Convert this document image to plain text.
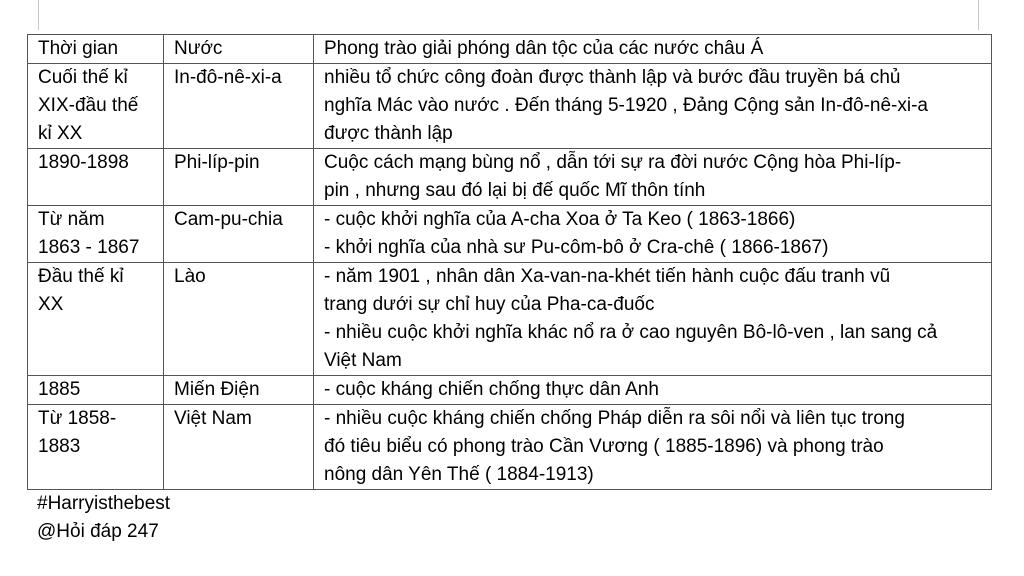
Thời gian	Nước	Phong trào giải phóng dân tộc của các nước châu Á

Cuối thế kỉ
XIX-đầu thế
kỉ XX	In-đô-nê-xi-a	nhiều tổ chức công đoàn được thành lập và bước đầu truyền bá chủ
nghĩa Mác vào nước . Đến tháng 5-1920 , Đảng Cộng sản In-đô-nê-xi-a
được thành lập

1890-1898	Phi-líp-pin	Cuộc cách mạng bùng nổ , dẫn tới sự ra đời nước Cộng hòa Phi-líp-
pin , nhưng sau đó lại bị đế quốc Mĩ thôn tính

Từ năm
1863 - 1867	Cam-pu-chia	- cuộc khởi nghĩa của A-cha Xoa ở Ta Keo ( 1863-1866)
- khởi nghĩa của nhà sư Pu-côm-bô ở Cra-chê ( 1866-1867)

Đầu thế kỉ
XX	Lào	- năm 1901 , nhân dân Xa-van-na-khét tiến hành cuộc đấu tranh vũ
trang dưới sự chỉ huy của Pha-ca-đuốc
- nhiều cuộc khởi nghĩa khác nổ ra ở cao nguyên Bô-lô-ven , lan sang cả
Việt Nam

1885	Miến Điện	- cuộc kháng chiến chống thực dân Anh

Từ 1858-
1883	Việt Nam	- nhiều cuộc kháng chiến chống Pháp diễn ra sôi nổi và liên tục trong
đó tiêu biểu có phong trào Cần Vương ( 1885-1896) và phong trào
nông dân Yên Thế ( 1884-1913)
#Harryisthebest
@Hỏi đáp 247
